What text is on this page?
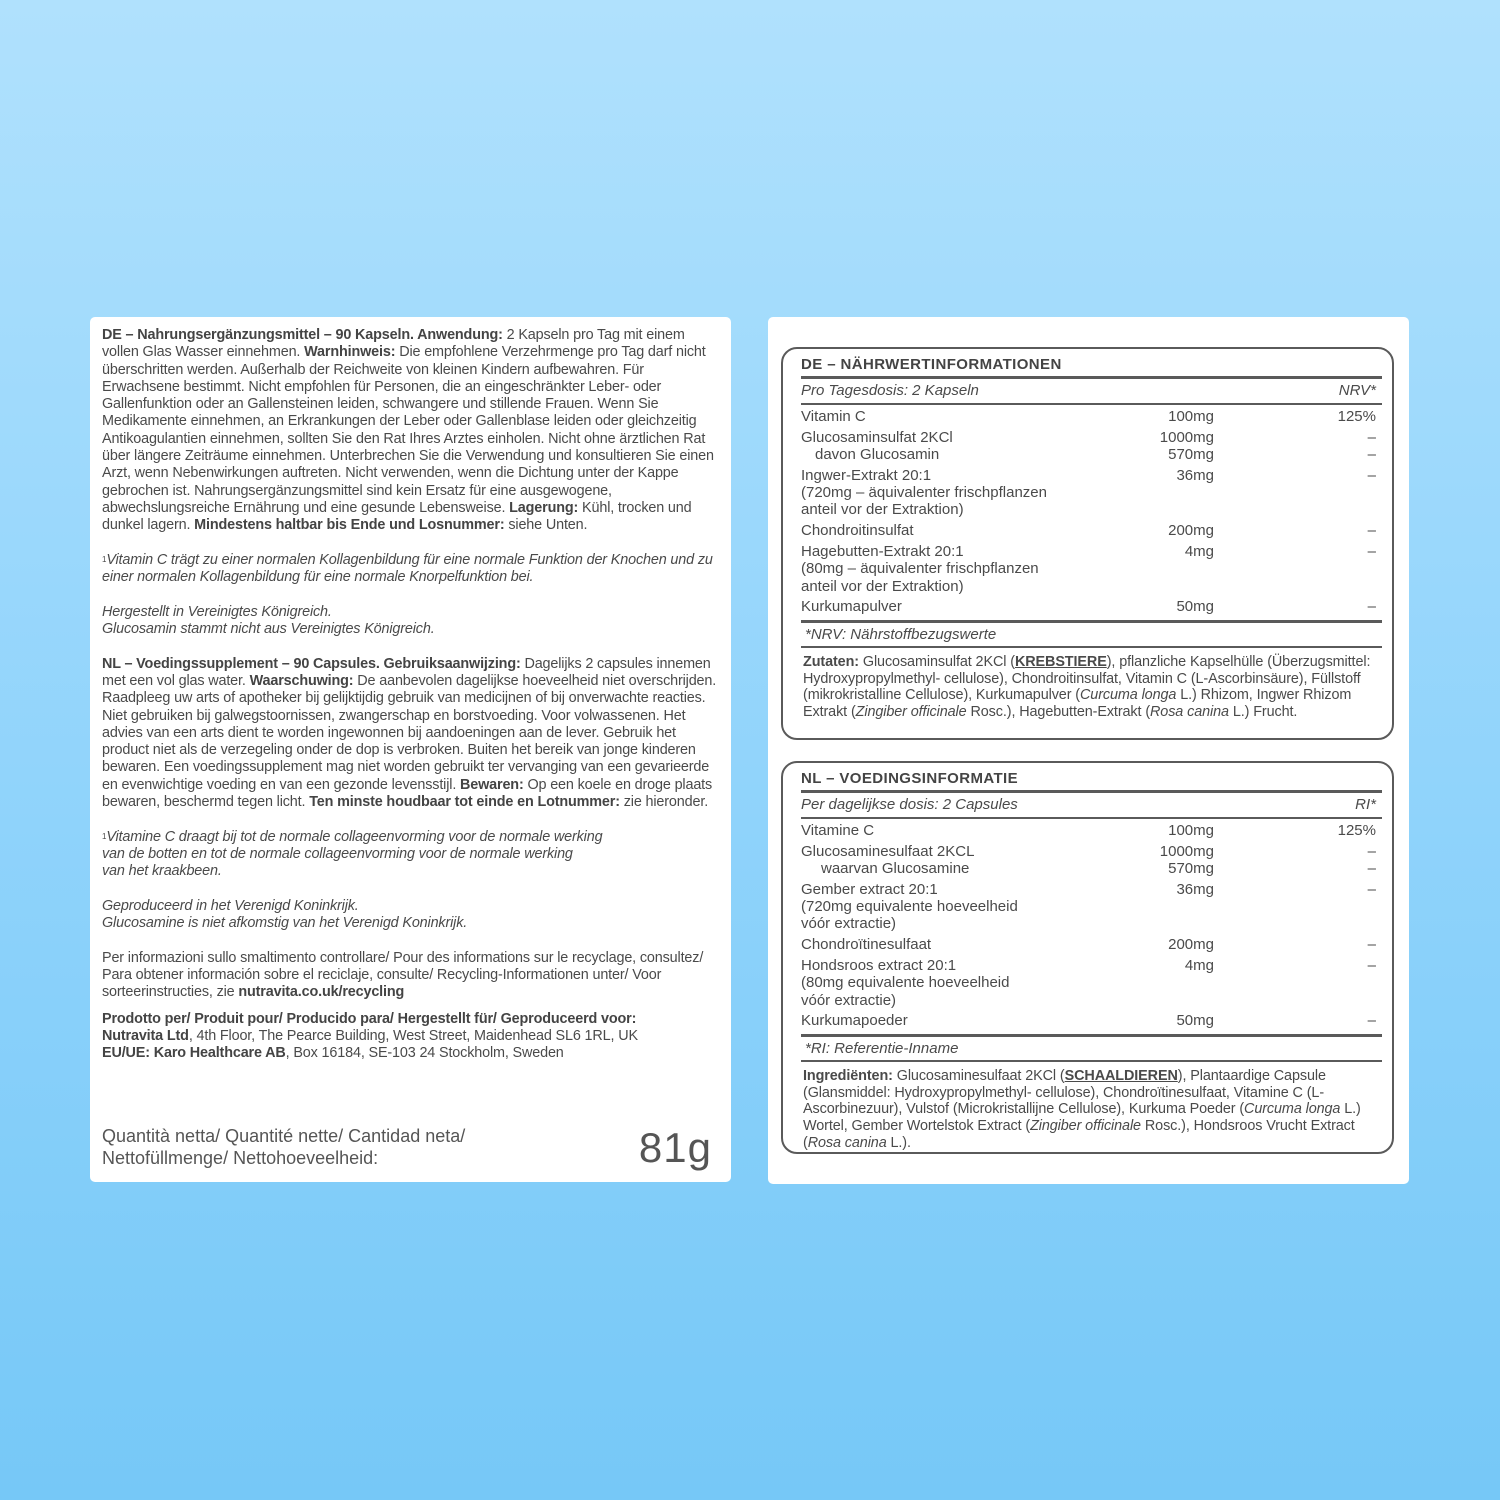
DE – Nahrungsergänzungsmittel – 90 Kapseln. Anwendung: 2 Kapseln pro Tag mit einem vollen Glas Wasser einnehmen. Warnhinweis: Die empfohlene Verzehrmenge pro Tag darf nicht überschritten werden. Außerhalb der Reichweite von kleinen Kindern aufbewahren. Für Erwachsene bestimmt. Nicht empfohlen für Personen, die an eingeschränkter Leber- oder Gallenfunktion oder an Gallensteinen leiden, schwangere und stillende Frauen. Wenn Sie Medikamente einnehmen, an Erkrankungen der Leber oder Gallenblase leiden oder gleichzeitig Antikoagulantien einnehmen, sollten Sie den Rat Ihres Arztes einholen. Nicht ohne ärztlichen Rat über längere Zeiträume einnehmen. Unterbrechen Sie die Verwendung und konsultieren Sie einen Arzt, wenn Nebenwirkungen auftreten. Nicht verwenden, wenn die Dichtung unter der Kappe gebrochen ist. Nahrungsergänzungsmittel sind kein Ersatz für eine ausgewogene, abwechslungsreiche Ernährung und eine gesunde Lebensweise. Lagerung: Kühl, trocken und dunkel lagern. Mindestens haltbar bis Ende und Losnummer: siehe Unten.

$^1$Vitamin C trägt zu einer normalen Kollagenbildung für eine normale Funktion der Knochen und zu einer normalen Kollagenbildung für eine normale Knorpelfunktion bei.

Hergestellt in Vereinigtes Königreich.
Glucosamin stammt nicht aus Vereinigtes Königreich.

NL – Voedingssupplement – 90 Capsules. Gebruiksaanwijzing: Dagelijks 2 capsules innemen met een vol glas water. Waarschuwing: De aanbevolen dagelijkse hoeveelheid niet overschrijden. Raadpleeg uw arts of apotheker bij gelijktijdig gebruik van medicijnen of bij onverwachte reacties. Niet gebruiken bij galwegstoornissen, zwangerschap en borstvoeding. Voor volwassenen. Het advies van een arts dient te worden ingewonnen bij aandoeningen aan de lever. Gebruik het product niet als de verzegeling onder de dop is verbroken. Buiten het bereik van jonge kinderen bewaren. Een voedingssupplement mag niet worden gebruikt ter vervanging van een gevarieerde en evenwichtige voeding en van een gezonde levensstijl. Bewaren: Op een koele en droge plaats bewaren, beschermd tegen licht. Ten minste houdbaar tot einde en Lotnummer: zie hieronder.

$^1$Vitamine C draagt bij tot de normale collageenvorming voor de normale werking
van de botten en tot de normale collageenvorming voor de normale werking
van het kraakbeen.

Geproduceerd in het Verenigd Koninkrijk.
Glucosamine is niet afkomstig van het Verenigd Koninkrijk.

Per informazioni sullo smaltimento controllare/ Pour des informations sur le recyclage, consultez/ Para obtener información sobre el reciclaje, consulte/ Recycling-Informationen unter/ Voor sorteerinstructies, zie nutravita.co.uk/recycling

Prodotto per/ Produit pour/ Producido para/ Hergestellt für/ Geproduceerd voor:
Nutravita Ltd, 4th Floor, The Pearce Building, West Street, Maidenhead SL6 1RL, UK
EU/UE: Karo Healthcare AB, Box 16184, SE-103 24 Stockholm, Sweden

Quantità netta/ Quantité nette/ Cantidad neta/
Nettofüllmenge/ Nettohoeveelheid:	81g
DE – NÄHRWERTINFORMATIONEN
Pro Tagesdosis: 2 Kapseln	NRV*
Vitamin C	100mg	125%
Glucosaminsulfat 2KCl	1000mg	–
davon Glucosamin	570mg	–
Ingwer-Extrakt 20:1
(720mg – äquivalenter frischpflanzen
anteil vor der Extraktion)
36mg	–
Chondroitinsulfat	200mg	–
Hagebutten-Extrakt 20:1
(80mg – äquivalenter frischpflanzen
anteil vor der Extraktion)
4mg	–
Kurkumapulver	50mg	–
*NRV: Nährstoffbezugswerte
Zutaten: Glucosaminsulfat 2KCl (KREBSTIERE), pflanzliche Kapselhülle (Überzugsmittel: Hydroxypropylmethyl- cellulose), Chondroitinsulfat, Vitamin C (L-Ascorbinsäure), Füllstoff (mikrokristalline Cellulose), Kurkumapulver (Curcuma longa L.) Rhizom, Ingwer Rhizom Extrakt (Zingiber officinale Rosc.), Hagebutten-Extrakt (Rosa canina L.) Frucht.
NL – VOEDINGSINFORMATIE
Per dagelijkse dosis: 2 Capsules	RI*
Vitamine C	100mg	125%
Glucosaminesulfaat 2KCL	1000mg	–
waarvan Glucosamine	570mg	–
Gember extract 20:1
(720mg equivalente hoeveelheid
vóór extractie)
36mg	–
Chondroïtinesulfaat	200mg	–
Hondsroos extract 20:1
(80mg equivalente hoeveelheid
vóór extractie)
4mg	–
Kurkumapoeder	50mg	–
*RI: Referentie-Inname
Ingrediënten: Glucosaminesulfaat 2KCl (SCHAALDIEREN), Plantaardige Capsule (Glansmiddel: Hydroxypropylmethyl- cellulose), Chondroïtinesulfaat, Vitamine C (L-Ascorbinezuur), Vulstof (Microkristallijne Cellulose), Kurkuma Poeder (Curcuma longa L.) Wortel, Gember Wortelstok Extract (Zingiber officinale Rosc.), Hondsroos Vrucht Extract (Rosa canina L.).
